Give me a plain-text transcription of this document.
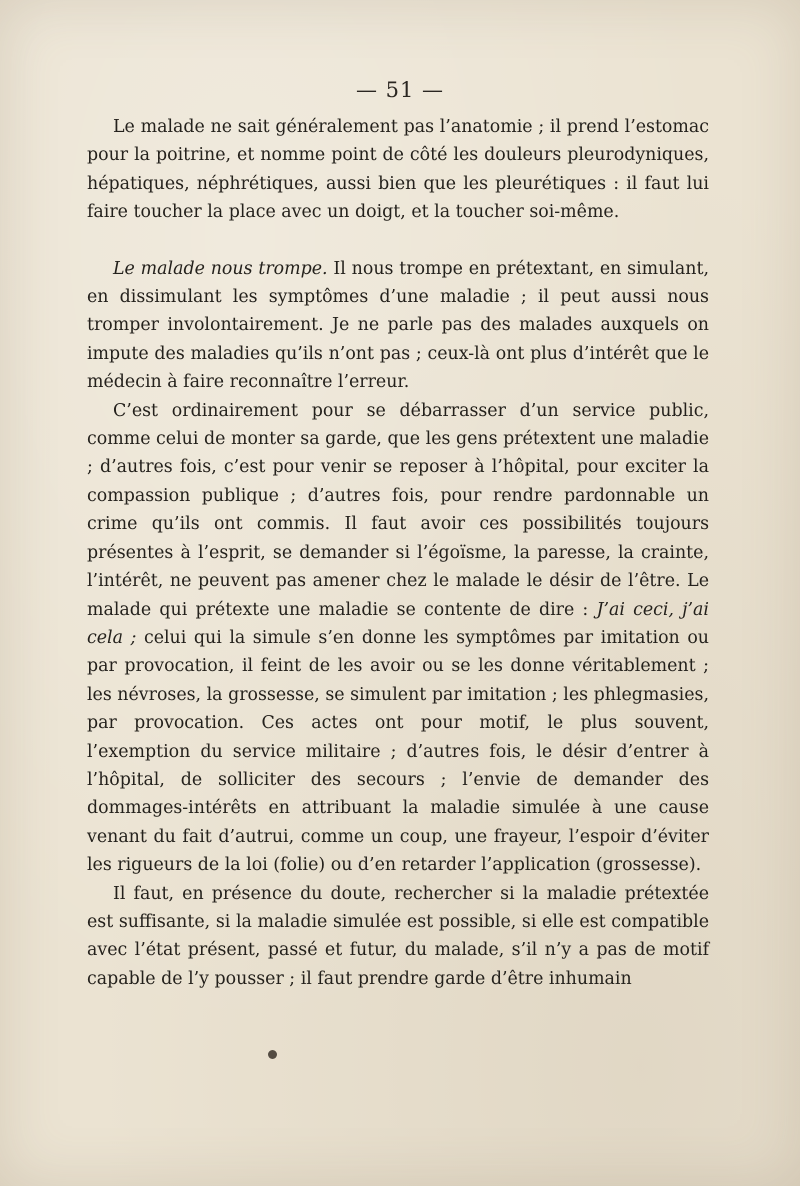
— 51 —

Le malade ne sait généralement pas l’anatomie ; il prend l’estomac pour la poitrine, et nomme point de côté les douleurs pleurodyniques, hépatiques, néphrétiques, aussi bien que les pleurétiques : il faut lui faire toucher la place avec un doigt, et la toucher soi-même.

Le malade nous trompe. Il nous trompe en prétextant, en simulant, en dissimulant les symptômes d’une maladie ; il peut aussi nous tromper involontairement. Je ne parle pas des malades auxquels on impute des maladies qu’ils n’ont pas ; ceux-là ont plus d’intérêt que le médecin à faire reconnaître l’erreur.

C’est ordinairement pour se débarrasser d’un service public, comme celui de monter sa garde, que les gens prétextent une maladie ; d’autres fois, c’est pour venir se reposer à l’hôpital, pour exciter la compassion publique ; d’autres fois, pour rendre pardonnable un crime qu’ils ont commis. Il faut avoir ces possibilités toujours présentes à l’esprit, se demander si l’égoïsme, la paresse, la crainte, l’intérêt, ne peuvent pas amener chez le malade le désir de l’être. Le malade qui prétexte une maladie se contente de dire : J’ai ceci, j’ai cela ; celui qui la simule s’en donne les symptômes par imitation ou par provocation, il feint de les avoir ou se les donne véritablement ; les névroses, la grossesse, se simulent par imitation ; les phlegmasies, par provocation. Ces actes ont pour motif, le plus souvent, l’exemption du service militaire ; d’autres fois, le désir d’entrer à l’hôpital, de solliciter des secours ; l’envie de demander des dommages-intérêts en attribuant la maladie simulée à une cause venant du fait d’autrui, comme un coup, une frayeur, l’espoir d’éviter les rigueurs de la loi (folie) ou d’en retarder l’application (grossesse).

Il faut, en présence du doute, rechercher si la maladie prétextée est suffisante, si la maladie simulée est possible, si elle est compatible avec l’état présent, passé et futur, du malade, s’il n’y a pas de motif capable de l’y pousser ; il faut prendre garde d’être inhumain
